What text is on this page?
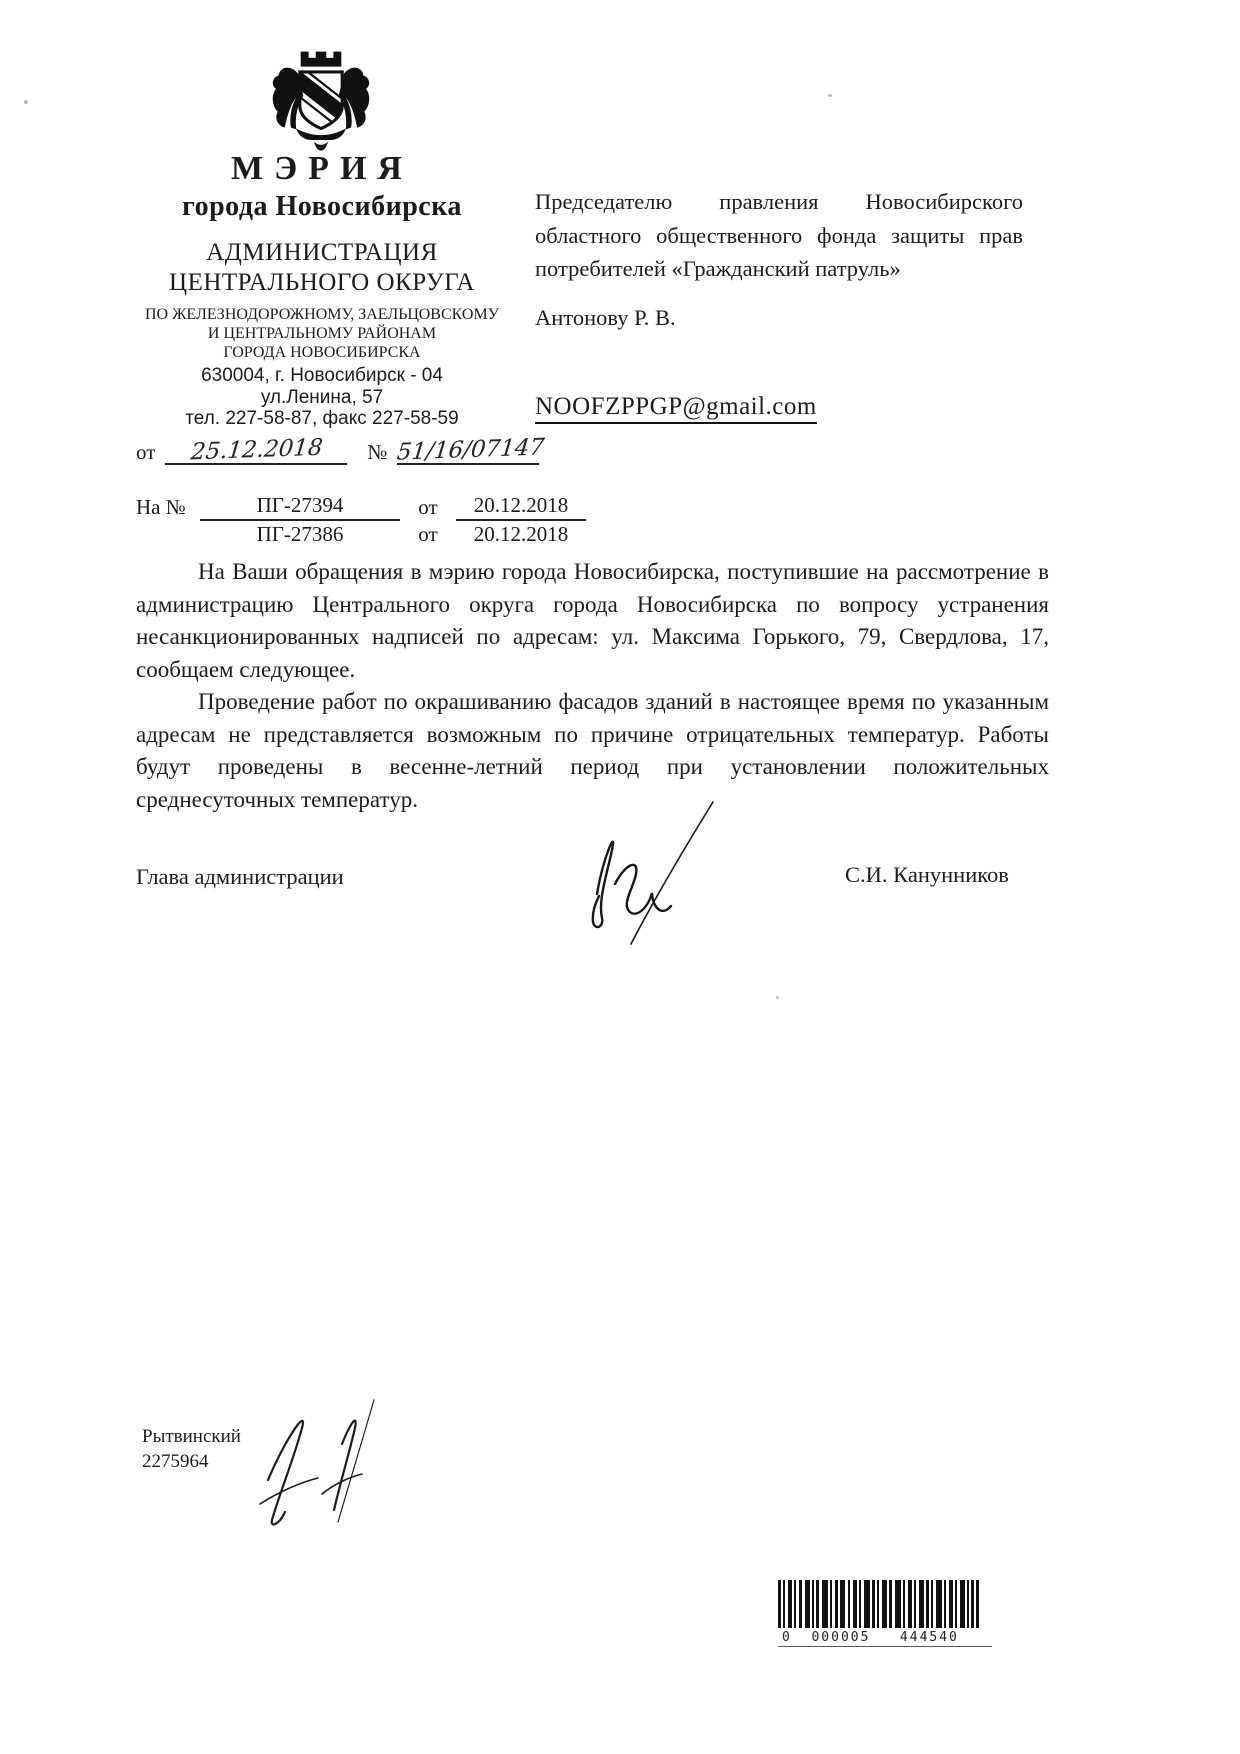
МЭРИЯ
города Новосибирска
АДМИНИСТРАЦИЯ
ЦЕНТРАЛЬНОГО ОКРУГА
ПО ЖЕЛЕЗНОДОРОЖНОМУ, ЗАЕЛЬЦОВСКОМУ
И ЦЕНТРАЛЬНОМУ РАЙОНАМ
ГОРОДА НОВОСИБИРСКА
630004, г. Новосибирск - 04
ул.Ленина, 57
тел. 227-58-87, факс 227-58-59
от	25.12.2018	№ 51/16/07147
На №	ПГ-27394	от	20.12.2018
ПГ-27386	от	20.12.2018
Председателю правления Новосибирского областного общественного фонда защиты прав потребителей «Гражданский патруль»
Антонову Р. В.
NOOFZPPGP@gmail.com

На Ваши обращения в мэрию города Новосибирска, поступившие на рассмотрение в администрацию Центрального округа города Новосибирска по вопросу устранения несанкционированных надписей по адресам: ул. Максима Горького, 79, Свердлова, 17, сообщаем следующее.

Проведение работ по окрашиванию фасадов зданий в настоящее время по указанным адресам не представляется возможным по причине отрицательных температур. Работы будут проведены в весенне-летний период при установлении положительных среднесуточных температур.

Глава администрации	С.И. Канунников
Рытвинский
2275964
0  000005   444540
